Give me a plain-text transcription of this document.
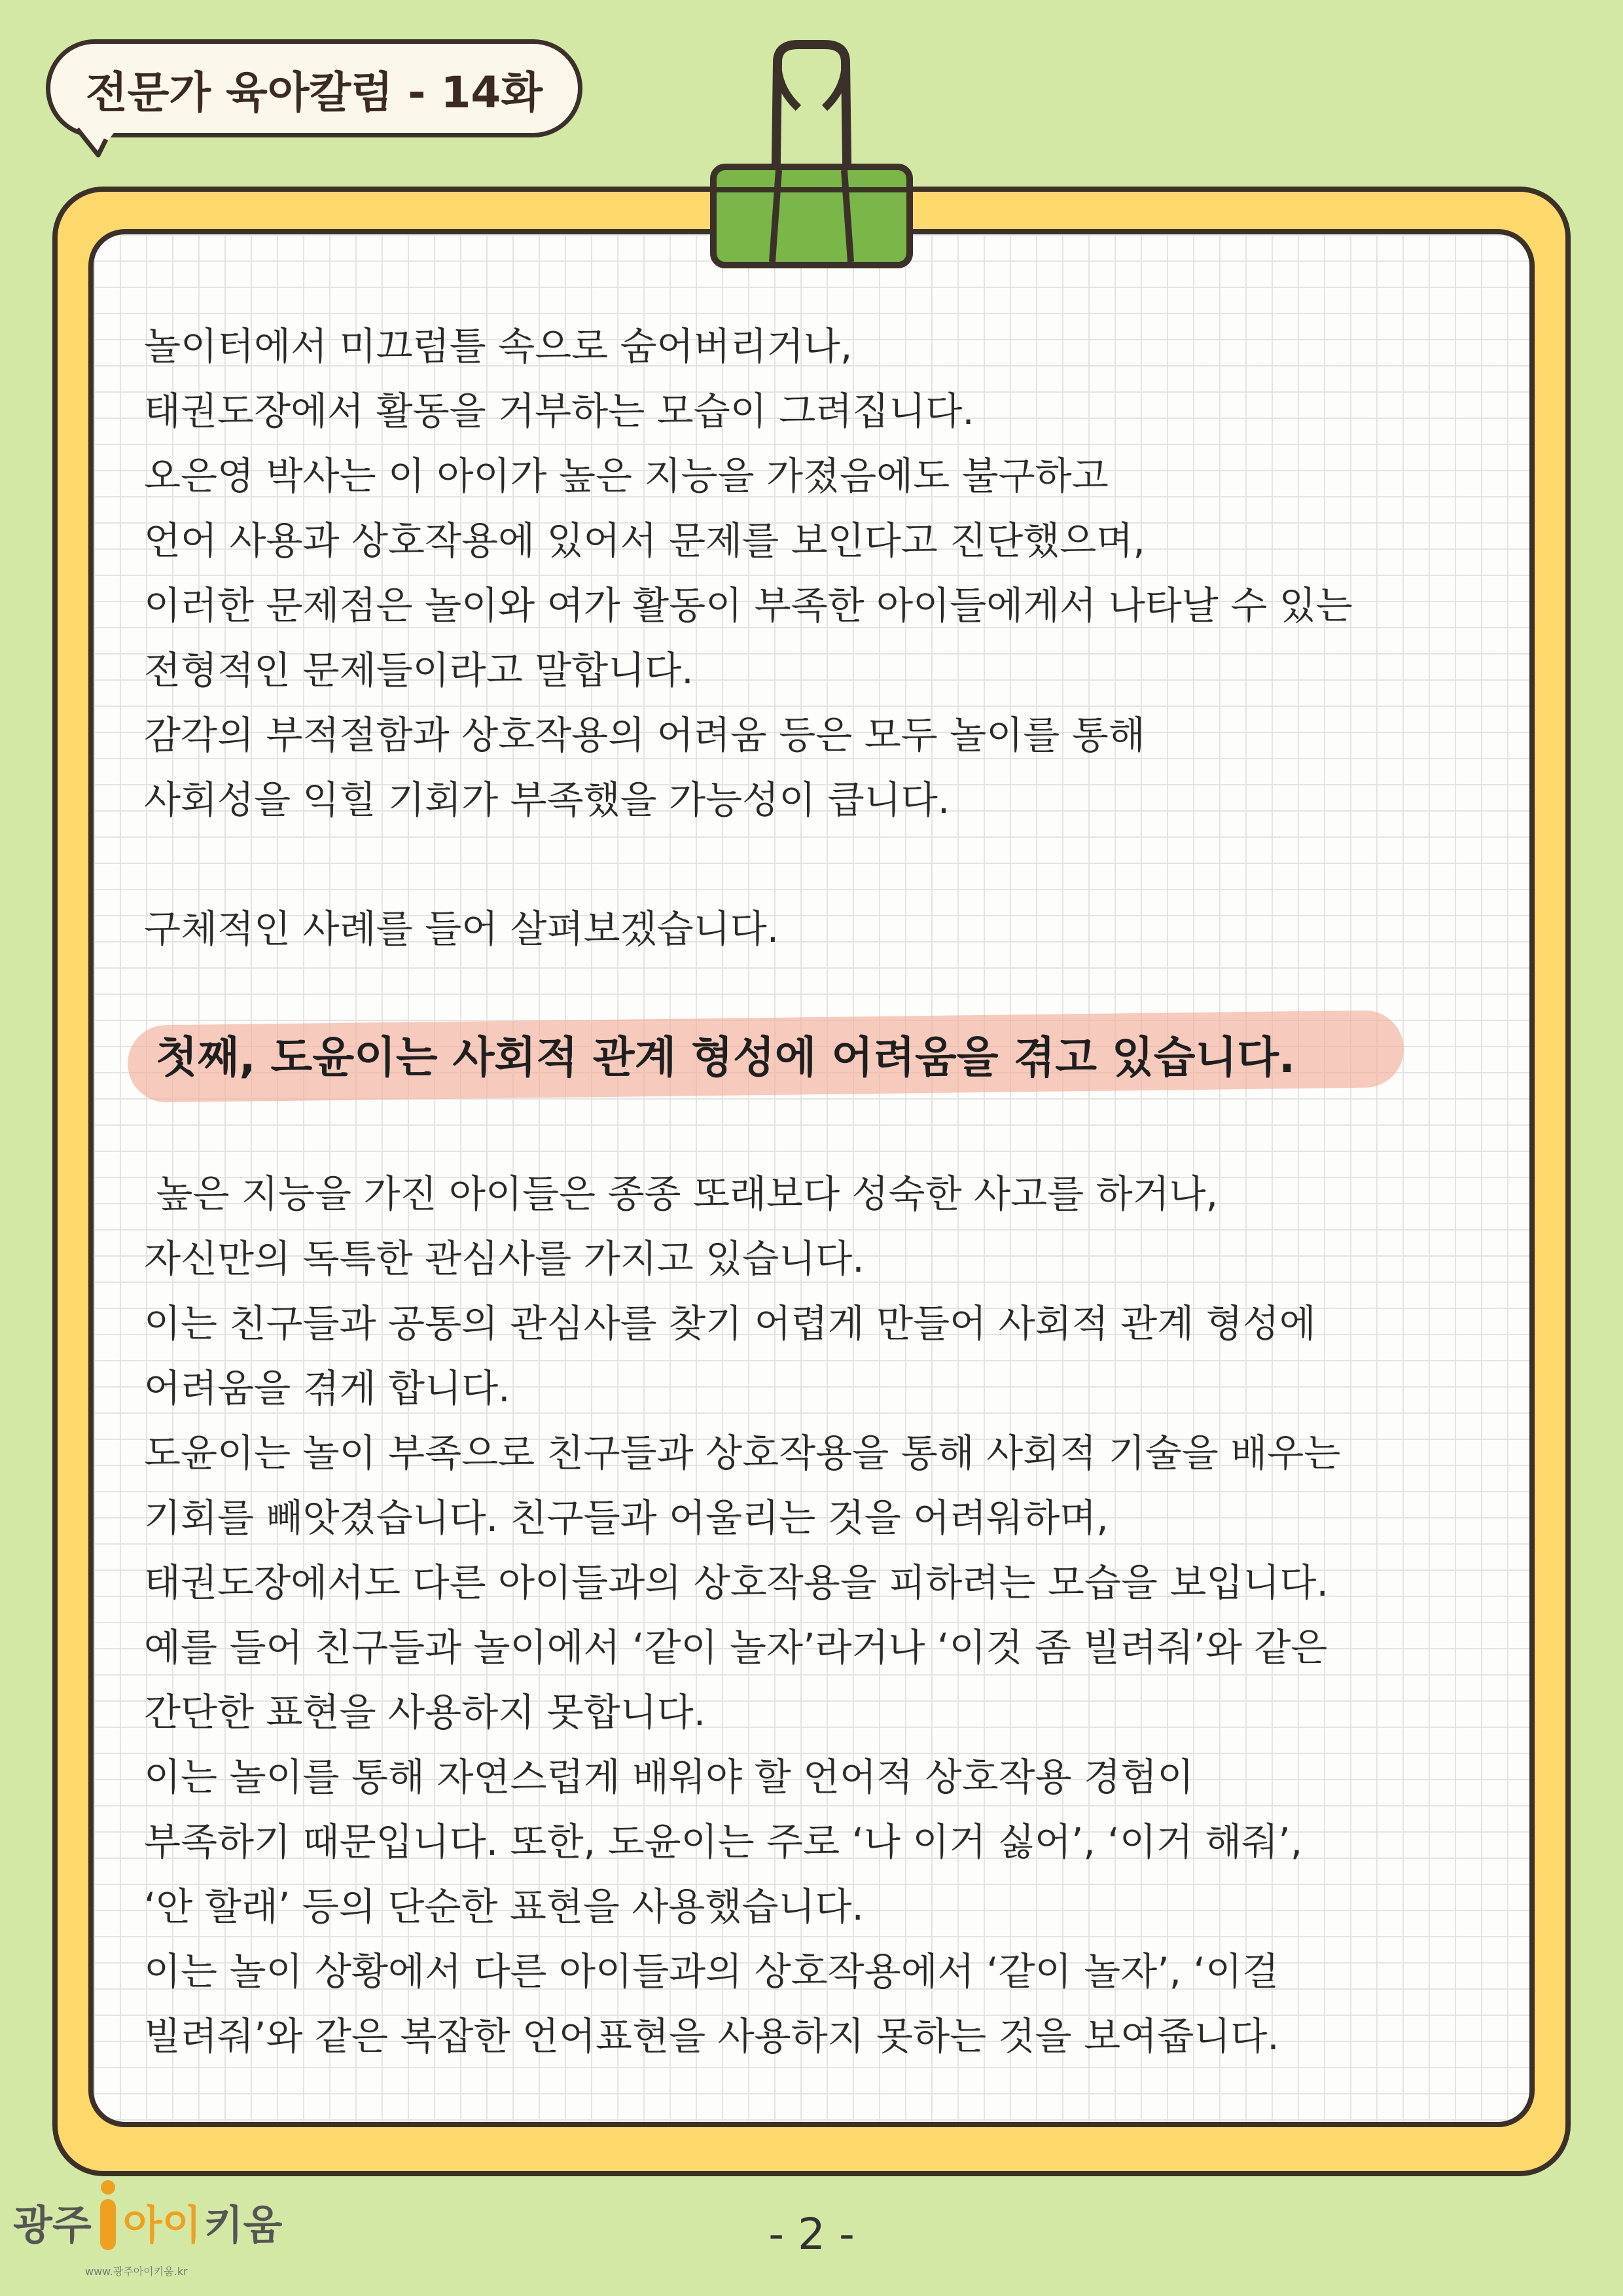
전문가 육아칼럼 - 14화
놀이터에서 미끄럼틀 속으로 숨어버리거나,
태권도장에서 활동을 거부하는 모습이 그려집니다.
오은영 박사는 이 아이가 높은 지능을 가졌음에도 불구하고
언어 사용과 상호작용에 있어서 문제를 보인다고 진단했으며,
이러한 문제점은 놀이와 여가 활동이 부족한 아이들에게서 나타날 수 있는
전형적인 문제들이라고 말합니다.
감각의 부적절함과 상호작용의 어려움 등은 모두 놀이를 통해
사회성을 익힐 기회가 부족했을 가능성이 큽니다.
구체적인 사례를 들어 살펴보겠습니다.
첫째, 도윤이는 사회적 관계 형성에 어려움을 겪고 있습니다.
높은 지능을 가진 아이들은 종종 또래보다 성숙한 사고를 하거나,
자신만의 독특한 관심사를 가지고 있습니다.
이는 친구들과 공통의 관심사를 찾기 어렵게 만들어 사회적 관계 형성에
어려움을 겪게 합니다.
도윤이는 놀이 부족으로 친구들과 상호작용을 통해 사회적 기술을 배우는
기회를 빼앗겼습니다. 친구들과 어울리는 것을 어려워하며,
태권도장에서도 다른 아이들과의 상호작용을 피하려는 모습을 보입니다.
예를 들어 친구들과 놀이에서 ‘같이 놀자’라거나 ‘이것 좀 빌려줘’와 같은
간단한 표현을 사용하지 못합니다.
이는 놀이를 통해 자연스럽게 배워야 할 언어적 상호작용 경험이
부족하기 때문입니다. 또한, 도윤이는 주로 ‘나 이거 싫어’, ‘이거 해줘’,
‘안 할래’ 등의 단순한 표현을 사용했습니다.
이는 놀이 상황에서 다른 아이들과의 상호작용에서 ‘같이 놀자’, ‘이걸
빌려줘’와 같은 복잡한 언어표현을 사용하지 못하는 것을 보여줍니다.
광주 아이 키움
www.광주아이키움.kr
- 2 -
